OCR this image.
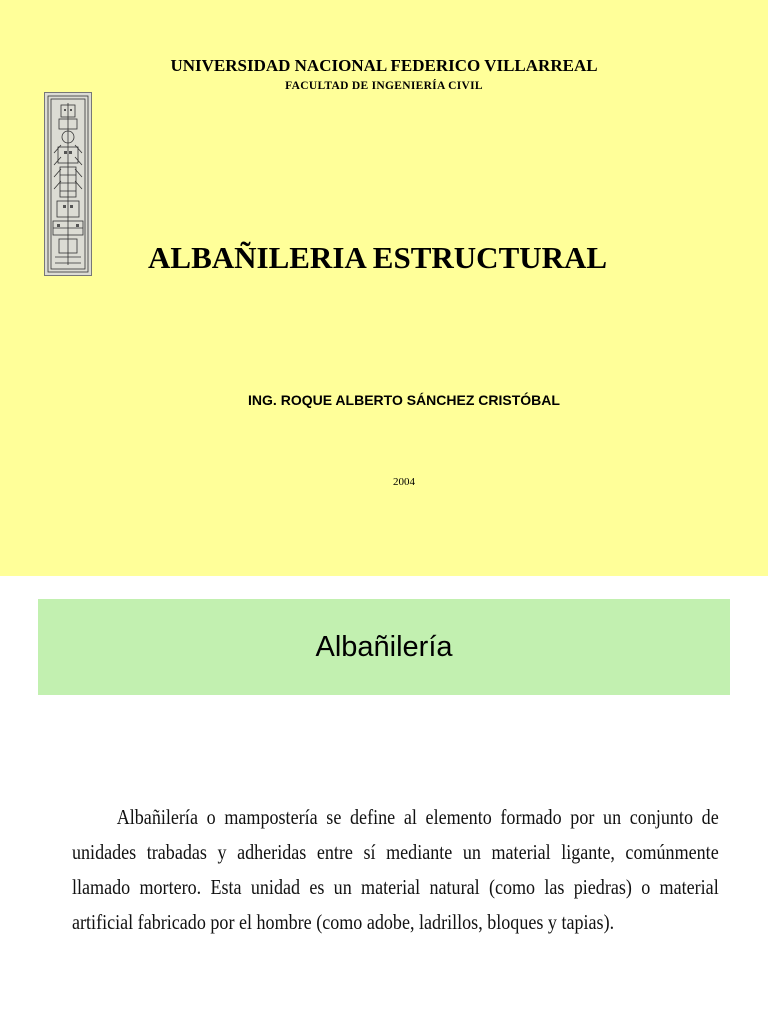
UNIVERSIDAD NACIONAL FEDERICO VILLARREAL
FACULTAD DE INGENIERÍA CIVIL
ALBAÑILERIA ESTRUCTURAL
ING. ROQUE ALBERTO SÁNCHEZ CRISTÓBAL
2004
Albañilería
Albañilería o mampostería se define al elemento formado por un conjunto de unidades trabadas y adheridas entre sí mediante un material ligante, comúnmente llamado mortero. Esta unidad es un material natural (como las piedras) o material artificial fabricado por el hombre (como adobe, ladrillos, bloques y tapias).
